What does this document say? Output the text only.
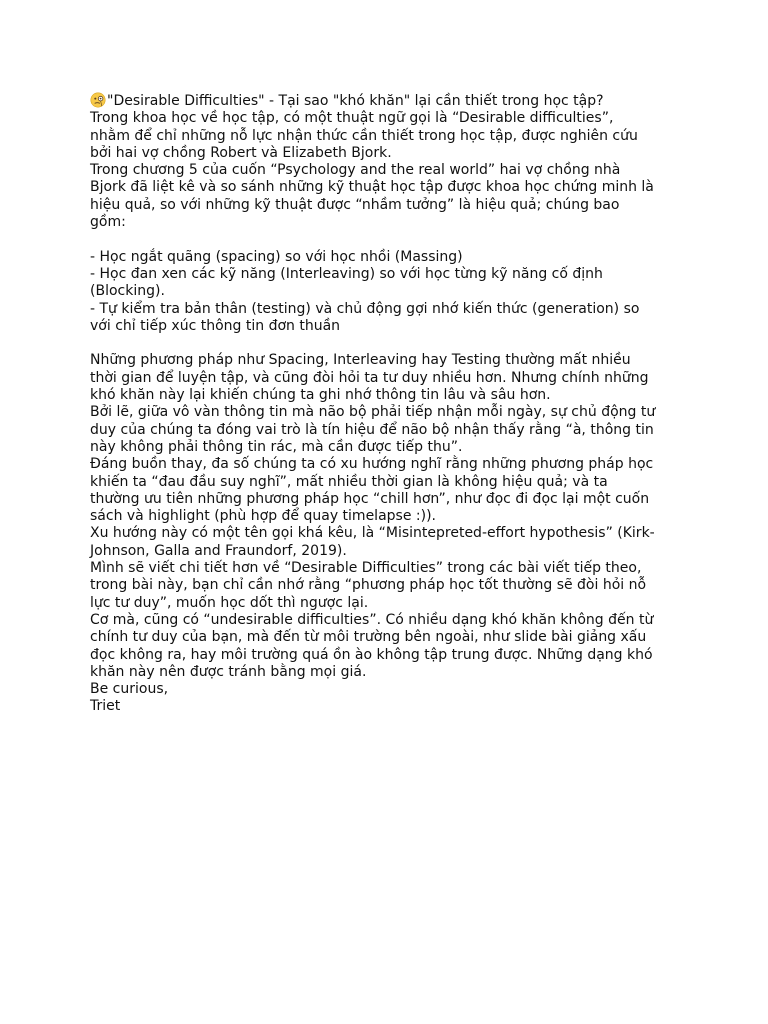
"Desirable Difficulties" - Tại sao "khó khăn" lại cần thiết trong học tập?
Trong khoa học về học tập, có một thuật ngữ gọi là “Desirable difficulties”,
nhằm để chỉ những nỗ lực nhận thức cần thiết trong học tập, được nghiên cứu
bởi hai vợ chồng Robert và Elizabeth Bjork.
Trong chương 5 của cuốn “Psychology and the real world” hai vợ chồng nhà
Bjork đã liệt kê và so sánh những kỹ thuật học tập được khoa học chứng minh là
hiệu quả, so với những kỹ thuật được “nhầm tưởng” là hiệu quả; chúng bao
gồm:
- Học ngắt quãng (spacing) so với học nhồi (Massing)
- Học đan xen các kỹ năng (Interleaving) so với học từng kỹ năng cố định
(Blocking).
- Tự kiểm tra bản thân (testing) và chủ động gợi nhớ kiến thức (generation) so
với chỉ tiếp xúc thông tin đơn thuần
Những phương pháp như Spacing, Interleaving hay Testing thường mất nhiều
thời gian để luyện tập, và cũng đòi hỏi ta tư duy nhiều hơn. Nhưng chính những
khó khăn này lại khiến chúng ta ghi nhớ thông tin lâu và sâu hơn.
Bởi lẽ, giữa vô vàn thông tin mà não bộ phải tiếp nhận mỗi ngày, sự chủ động tư
duy của chúng ta đóng vai trò là tín hiệu để não bộ nhận thấy rằng “à, thông tin
này không phải thông tin rác, mà cần được tiếp thu”.
Đáng buồn thay, đa số chúng ta có xu hướng nghĩ rằng những phương pháp học
khiến ta “đau đầu suy nghĩ”, mất nhiều thời gian là không hiệu quả; và ta
thường ưu tiên những phương pháp học “chill hơn”, như đọc đi đọc lại một cuốn
sách và highlight (phù hợp để quay timelapse :)).
Xu hướng này có một tên gọi khá kêu, là “Misintepreted-effort hypothesis” (Kirk-
Johnson, Galla and Fraundorf, 2019).
Mình sẽ viết chi tiết hơn về “Desirable Difficulties” trong các bài viết tiếp theo,
trong bài này, bạn chỉ cần nhớ rằng “phương pháp học tốt thường sẽ đòi hỏi nỗ
lực tư duy”, muốn học dốt thì ngược lại.
Cơ mà, cũng có “undesirable difficulties”. Có nhiều dạng khó khăn không đến từ
chính tư duy của bạn, mà đến từ môi trường bên ngoài, như slide bài giảng xấu
đọc không ra, hay môi trường quá ồn ào không tập trung được. Những dạng khó
khăn này nên được tránh bằng mọi giá.
Be curious,
Triet
